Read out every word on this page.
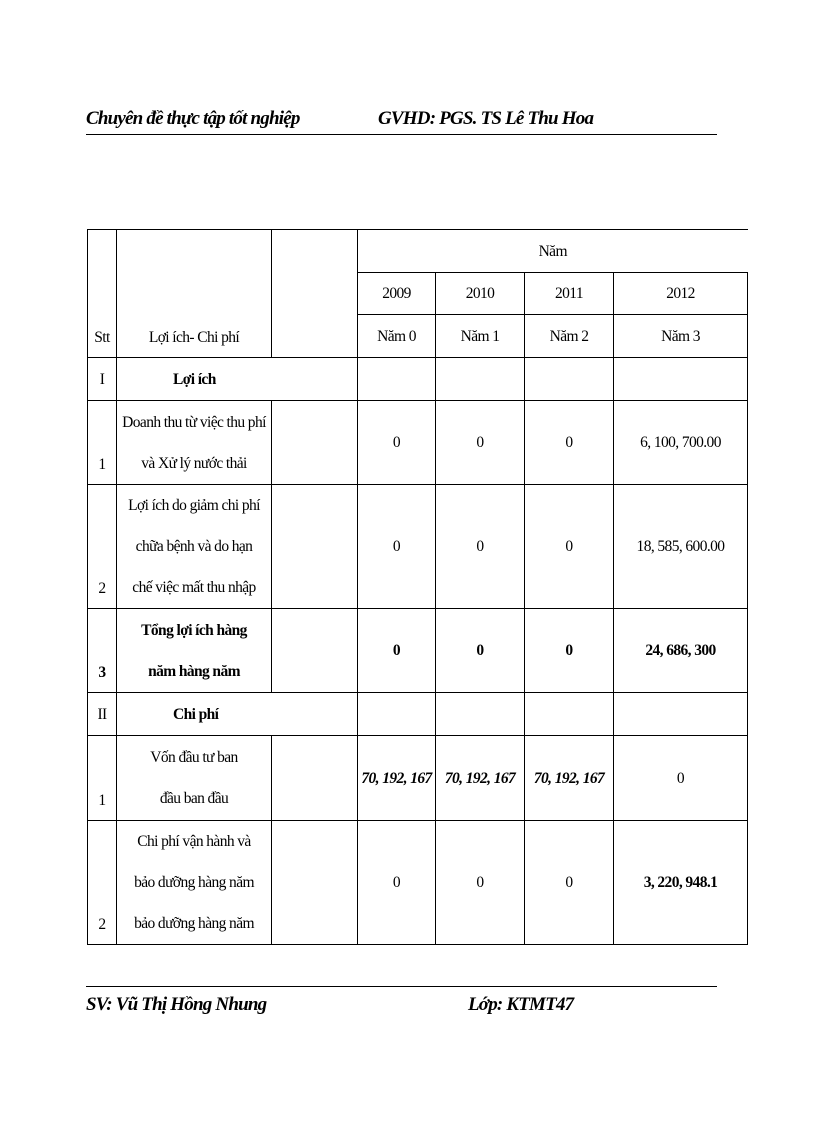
Chuyên đề thực tập tốt nghiệp	GVHD: PGS. TS Lê Thu Hoa
Stt	Lợi ích- Chi phí		Năm			
			2009	2010	2011	2012
			Năm 0	Năm 1	Năm 2	Năm 3
I	Lợi ích					
1	Doanh thu từ việc thu phí và Xử lý nước thải		0	0	0	6, 100, 700.00
2	Lợi ích do giảm chi phí chữa bệnh và do hạn chế việc mất thu nhập		0	0	0	18, 585, 600.00
3	Tổng lợi ích hàng năm hàng năm		0	0	0	24, 686, 300
II	Chi phí					
1	Vốn đầu tư ban đầu ban đầu		70, 192, 167	70, 192, 167	70, 192, 167	0
2	Chi phí vận hành và bảo dưỡng hàng năm bảo dưỡng hàng năm		0	0	0	3, 220, 948.1
SV: Vũ Thị Hồng Nhung	Lớp: KTMT47
